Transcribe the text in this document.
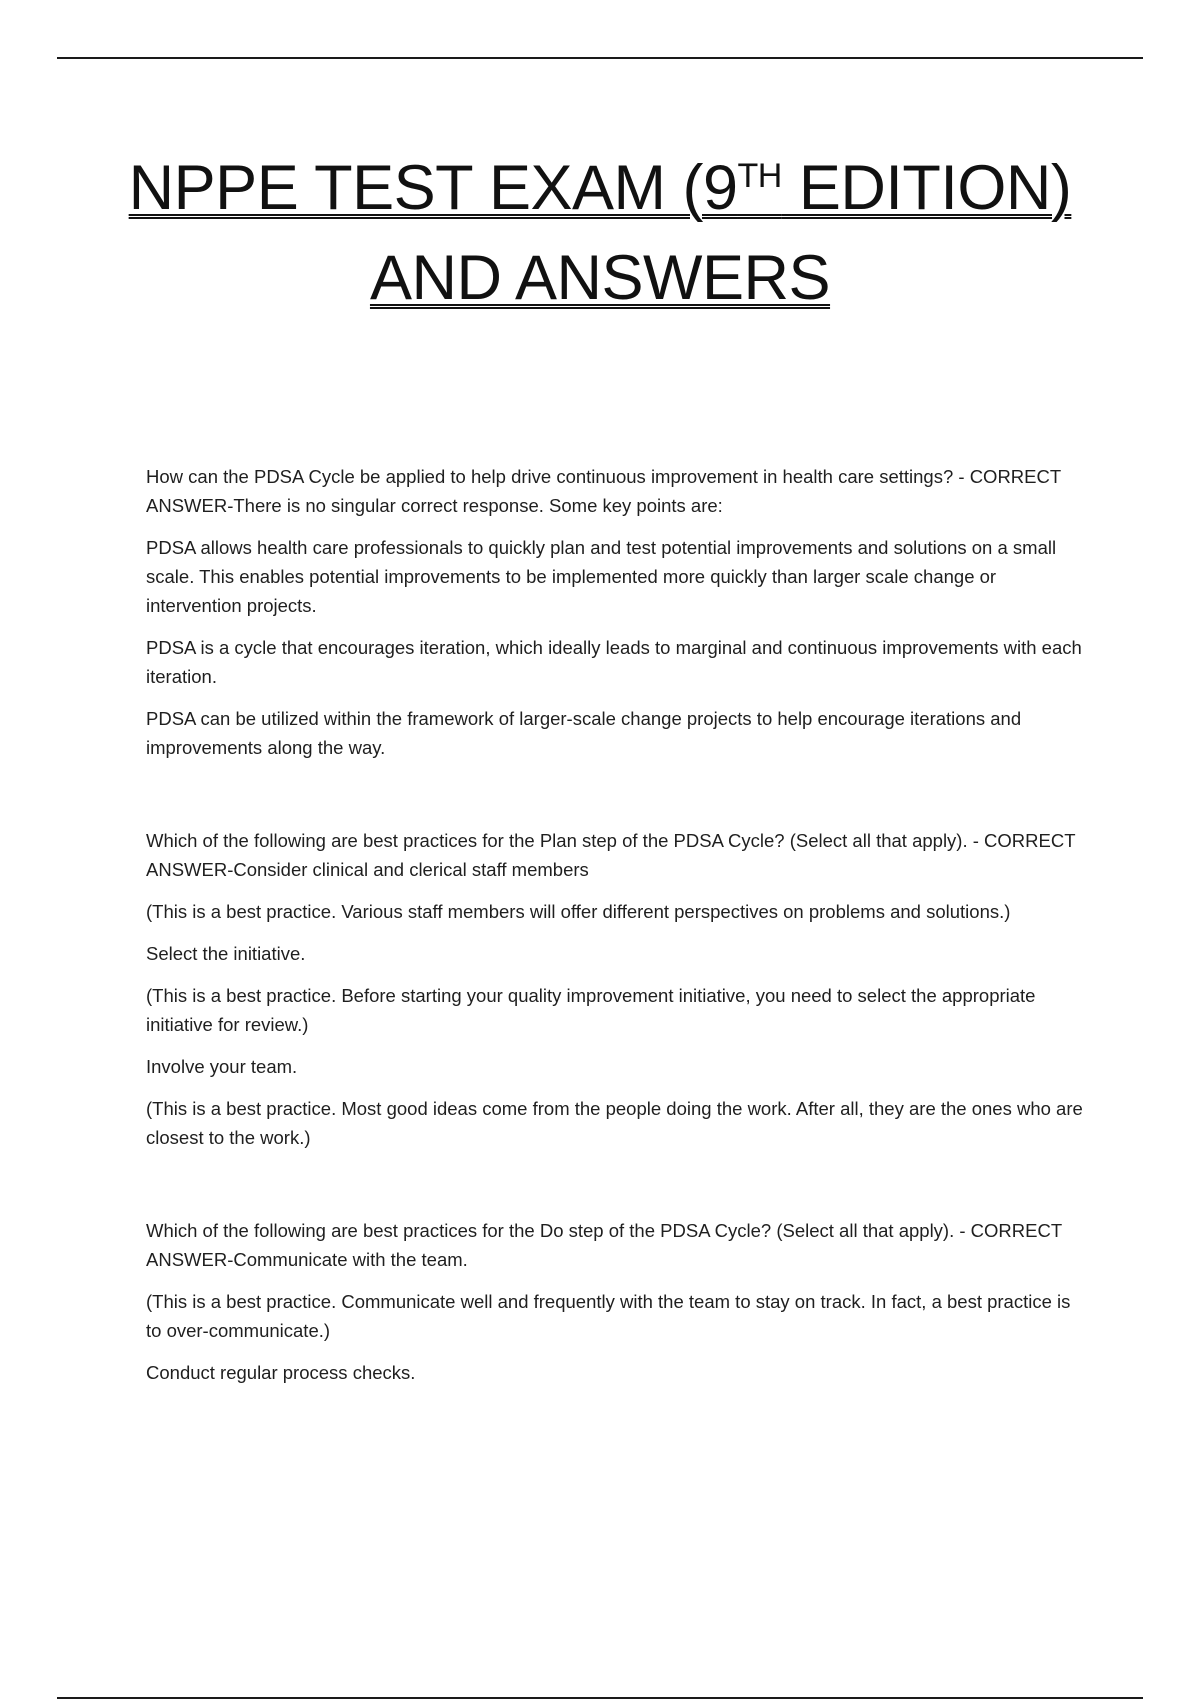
NPPE TEST EXAM (9TH EDITION)
AND ANSWERS

How can the PDSA Cycle be applied to help drive continuous improvement in health care settings? - CORRECT ANSWER-There is no singular correct response. Some key points are:

PDSA allows health care professionals to quickly plan and test potential improvements and solutions on a small scale. This enables potential improvements to be implemented more quickly than larger scale change or intervention projects.

PDSA is a cycle that encourages iteration, which ideally leads to marginal and continuous improvements with each iteration.

PDSA can be utilized within the framework of larger-scale change projects to help encourage iterations and improvements along the way.

Which of the following are best practices for the Plan step of the PDSA Cycle? (Select all that apply). - CORRECT ANSWER-Consider clinical and clerical staff members

(This is a best practice. Various staff members will offer different perspectives on problems and solutions.)

Select the initiative.

(This is a best practice. Before starting your quality improvement initiative, you need to select the appropriate initiative for review.)

Involve your team.

(This is a best practice. Most good ideas come from the people doing the work. After all, they are the ones who are closest to the work.)

Which of the following are best practices for the Do step of the PDSA Cycle? (Select all that apply). - CORRECT ANSWER-Communicate with the team.

(This is a best practice. Communicate well and frequently with the team to stay on track. In fact, a best practice is to over-communicate.)

Conduct regular process checks.
